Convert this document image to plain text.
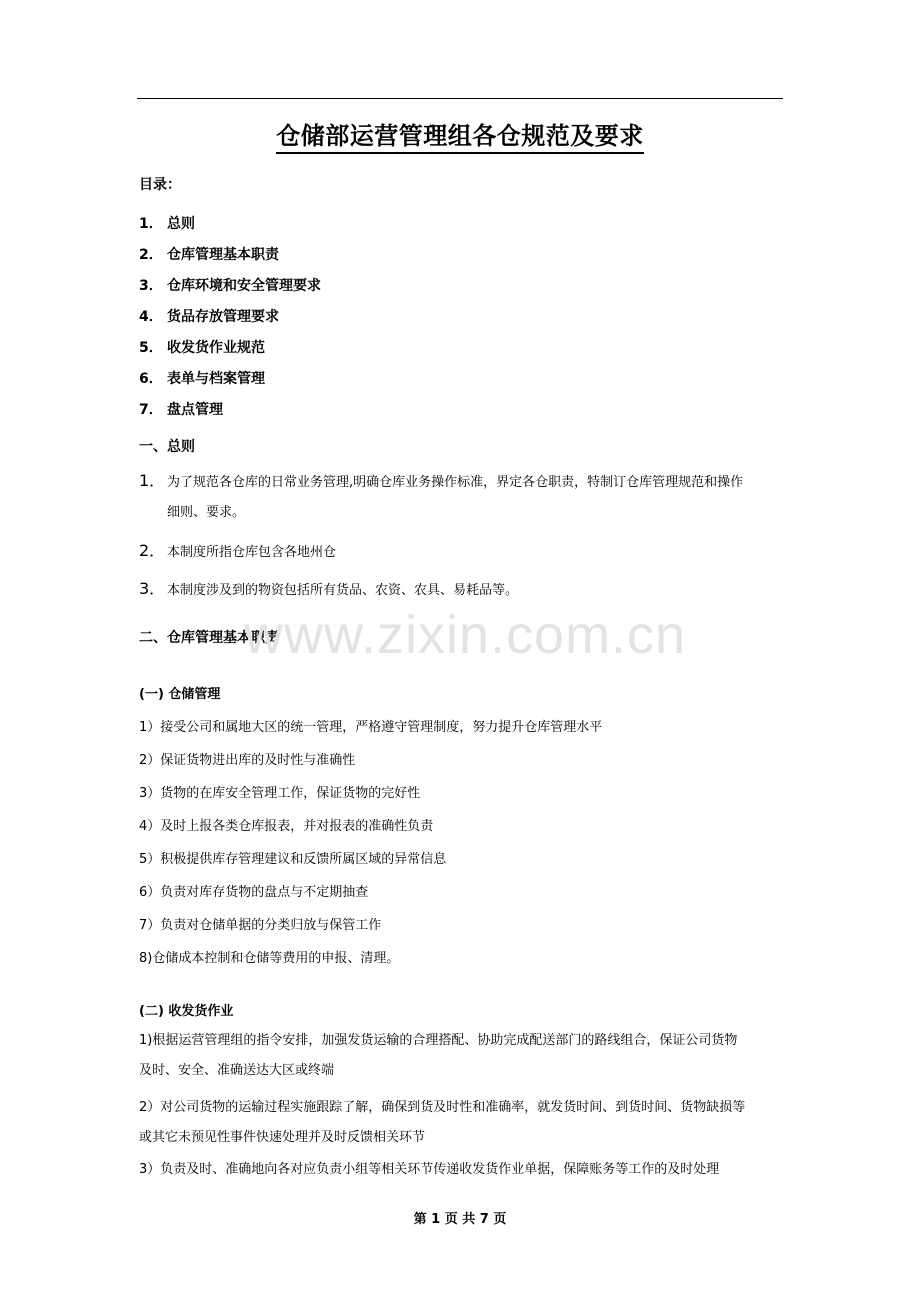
仓储部运营管理组各仓规范及要求
目录：
1． 总则
2． 仓库管理基本职责
3． 仓库环境和安全管理要求
4． 货品存放管理要求
5． 收发货作业规范
6． 表单与档案管理
7． 盘点管理
一、总则
1． 为了规范各仓库的日常业务管理,明确仓库业务操作标准，界定各仓职责，特制订仓库管理规范和操作
细则、要求。
2． 本制度所指仓库包含各地州仓
3． 本制度涉及到的物资包括所有货品、农资、农具、易耗品等。
二、仓库管理基本职责
(一) 仓储管理
1）接受公司和属地大区的统一管理，严格遵守管理制度，努力提升仓库管理水平
2）保证货物进出库的及时性与准确性
3）货物的在库安全管理工作，保证货物的完好性
4）及时上报各类仓库报表，并对报表的准确性负责
5）积极提供库存管理建议和反馈所属区域的异常信息
6）负责对库存货物的盘点与不定期抽查
7）负责对仓储单据的分类归放与保管工作
8)仓储成本控制和仓储等费用的申报、清理。
(二) 收发货作业
1)根据运营管理组的指令安排，加强发货运输的合理搭配、协助完成配送部门的路线组合，保证公司货物
及时、安全、准确送达大区或终端
2）对公司货物的运输过程实施跟踪了解，确保到货及时性和准确率，就发货时间、到货时间、货物缺损等
或其它未预见性事件快速处理并及时反馈相关环节
3）负责及时、准确地向各对应负责小组等相关环节传递收发货作业单据，保障账务等工作的及时处理
www.zixin.com.cn
第 1 页 共 7 页
